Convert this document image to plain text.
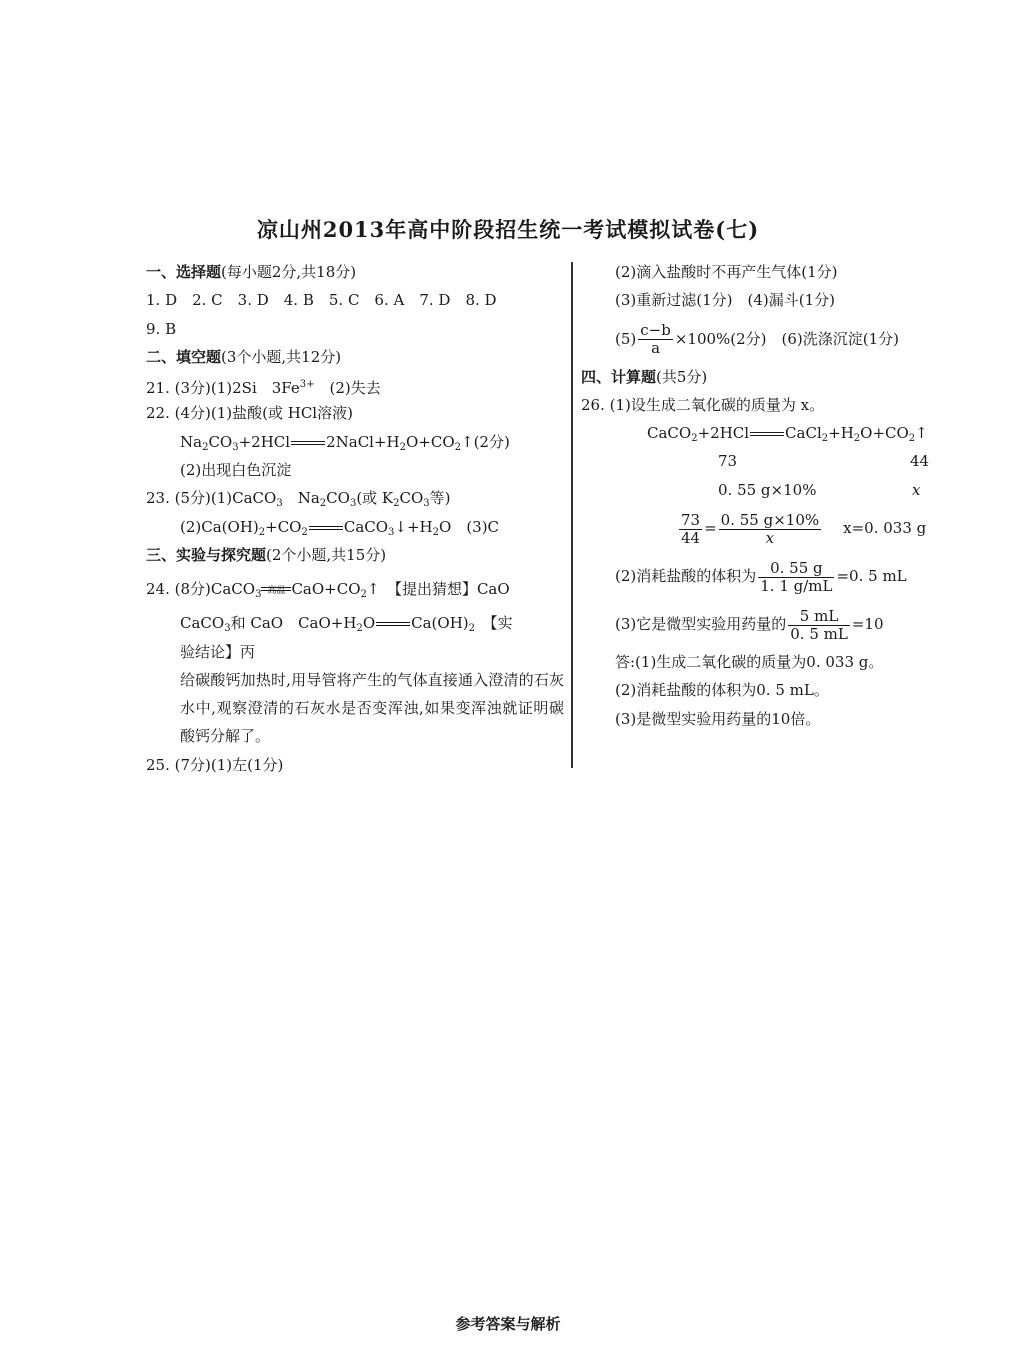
凉山州2013年高中阶段招生统一考试模拟试卷(七)
一、选择题(每小题2分,共18分)
1. D　2. C　3. D　4. B　5. C　6. A　7. D　8. D
9. B
二、填空题(3个小题,共12分)
21. (3分)(1)2Si　$3Fe^{3+}$　(2)失去
22. (4分)(1)盐酸(或 HCl溶液)
$Na_2CO_3+2HCl$ $2NaCl+H_2O+CO_2↑(2$分)
(2)出现白色沉淀
23. (5分)(1)CaCO$_3$　$Na_2CO_3$(或 $K_2CO_3$等)
$(2)Ca(OH)_2+CO_2$ $CaCO_3↓+H_2O$　(3)C
三、实验与探究题(2个小题,共15分)
24. (8分)CaCO$_3$ 高温 $CaO+CO_2↑$　【提出猜想】CaO
CaCO$_3$和 CaO　$CaO+H_2O$ $Ca(OH)_2$　【实
验结论】丙
给碳酸钙加热时,用导管将产生的气体直接通入澄清的石灰水中,观察澄清的石灰水是否变浑浊,如果变浑浊就证明碳酸钙分解了。
25. (7分)(1)左(1分)
(2)滴入盐酸时不再产生气体(1分)
(3)重新过滤(1分)　(4)漏斗(1分)
$(5) \frac{c-b}{a} \times 100\%(2$分)　(6)洗涤沉淀(1分)
四、计算题(共5分)
26. (1)设生成二氧化碳的质量为 x。
CaCO$_2$+2HCl $CaCl_2+H_2O+CO_2↑$
73	44
0. 55 g×10%	x
$\frac{73}{44} = \frac{0. 55 g\times 10\%}{x} x=0$. 033 g
(2)消耗盐酸的体积为 $\frac{0. 55 g}{1. 1 g/mL} =0$. 5 mL
(3)它是微型实验用药量的 $\frac{5 mL}{0. 5 mL} =10$
答:(1)生成二氧化碳的质量为0. 033 g。
(2)消耗盐酸的体积为0. 5 mL。
(3)是微型实验用药量的10倍。
参考答案与解析
